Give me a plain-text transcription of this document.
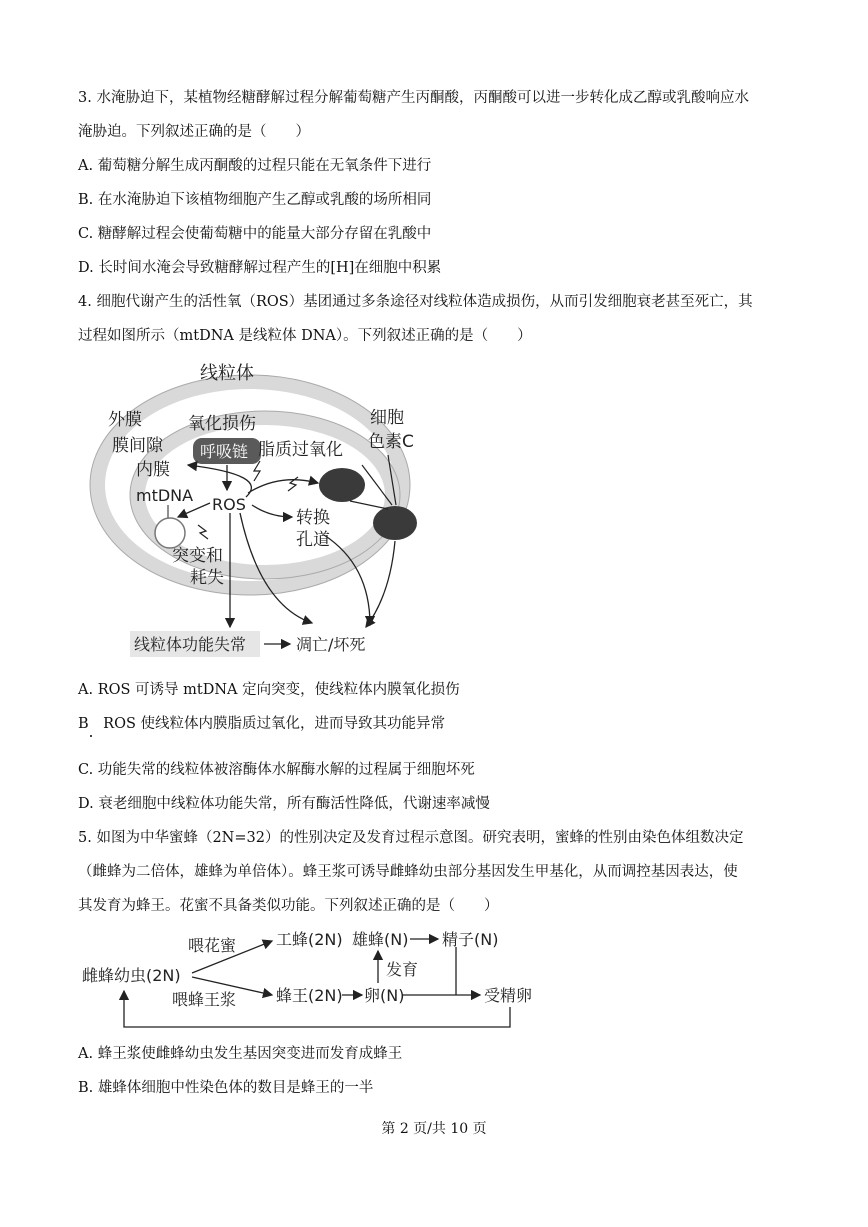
3. 水淹胁迫下，某植物经糖酵解过程分解葡萄糖产生丙酮酸，丙酮酸可以进一步转化成乙醇或乳酸响应水
淹胁迫。下列叙述正确的是（　　）
A. 葡萄糖分解生成丙酮酸的过程只能在无氧条件下进行
B. 在水淹胁迫下该植物细胞产生乙醇或乳酸的场所相同
C. 糖酵解过程会使葡萄糖中的能量大部分存留在乳酸中
D. 长时间水淹会导致糖酵解过程产生的[H]在细胞中积累
4. 细胞代谢产生的活性氧（ROS）基团通过多条途径对线粒体造成损伤，从而引发细胞衰老甚至死亡，其
过程如图所示（mtDNA 是线粒体 DNA）。下列叙述正确的是（　　）
线粒体
外膜
膜间隙
内膜
mtDNA
氧化损伤
呼吸链
ROS
脂质过氧化
细胞
色素C
转换
孔道
突变和
耗失
线粒体功能失常	凋亡/坏死
A. ROS 可诱导 mtDNA 定向突变，使线粒体内膜氧化损伤
B　ROS 使线粒体内膜脂质过氧化，进而导致其功能异常
C. 功能失常的线粒体被溶酶体水解酶水解的过程属于细胞坏死
D. 衰老细胞中线粒体功能失常，所有酶活性降低，代谢速率减慢
5. 如图为中华蜜蜂（2N=32）的性别决定及发育过程示意图。研究表明，蜜蜂的性别由染色体组数决定
（雌蜂为二倍体，雄蜂为单倍体）。蜂王浆可诱导雌蜂幼虫部分基因发生甲基化，从而调控基因表达，使
其发育为蜂王。花蜜不具备类似功能。下列叙述正确的是（　　）
雌蜂幼虫(2N)
喂花蜜
喂蜂王浆
工蜂(2N) 雄蜂(N) 精子(N)
蜂王(2N) 卵(N)
发育
受精卵
A. 蜂王浆使雌蜂幼虫发生基因突变进而发育成蜂王
B. 雄蜂体细胞中性染色体的数目是蜂王的一半
第 2 页/共 10 页
